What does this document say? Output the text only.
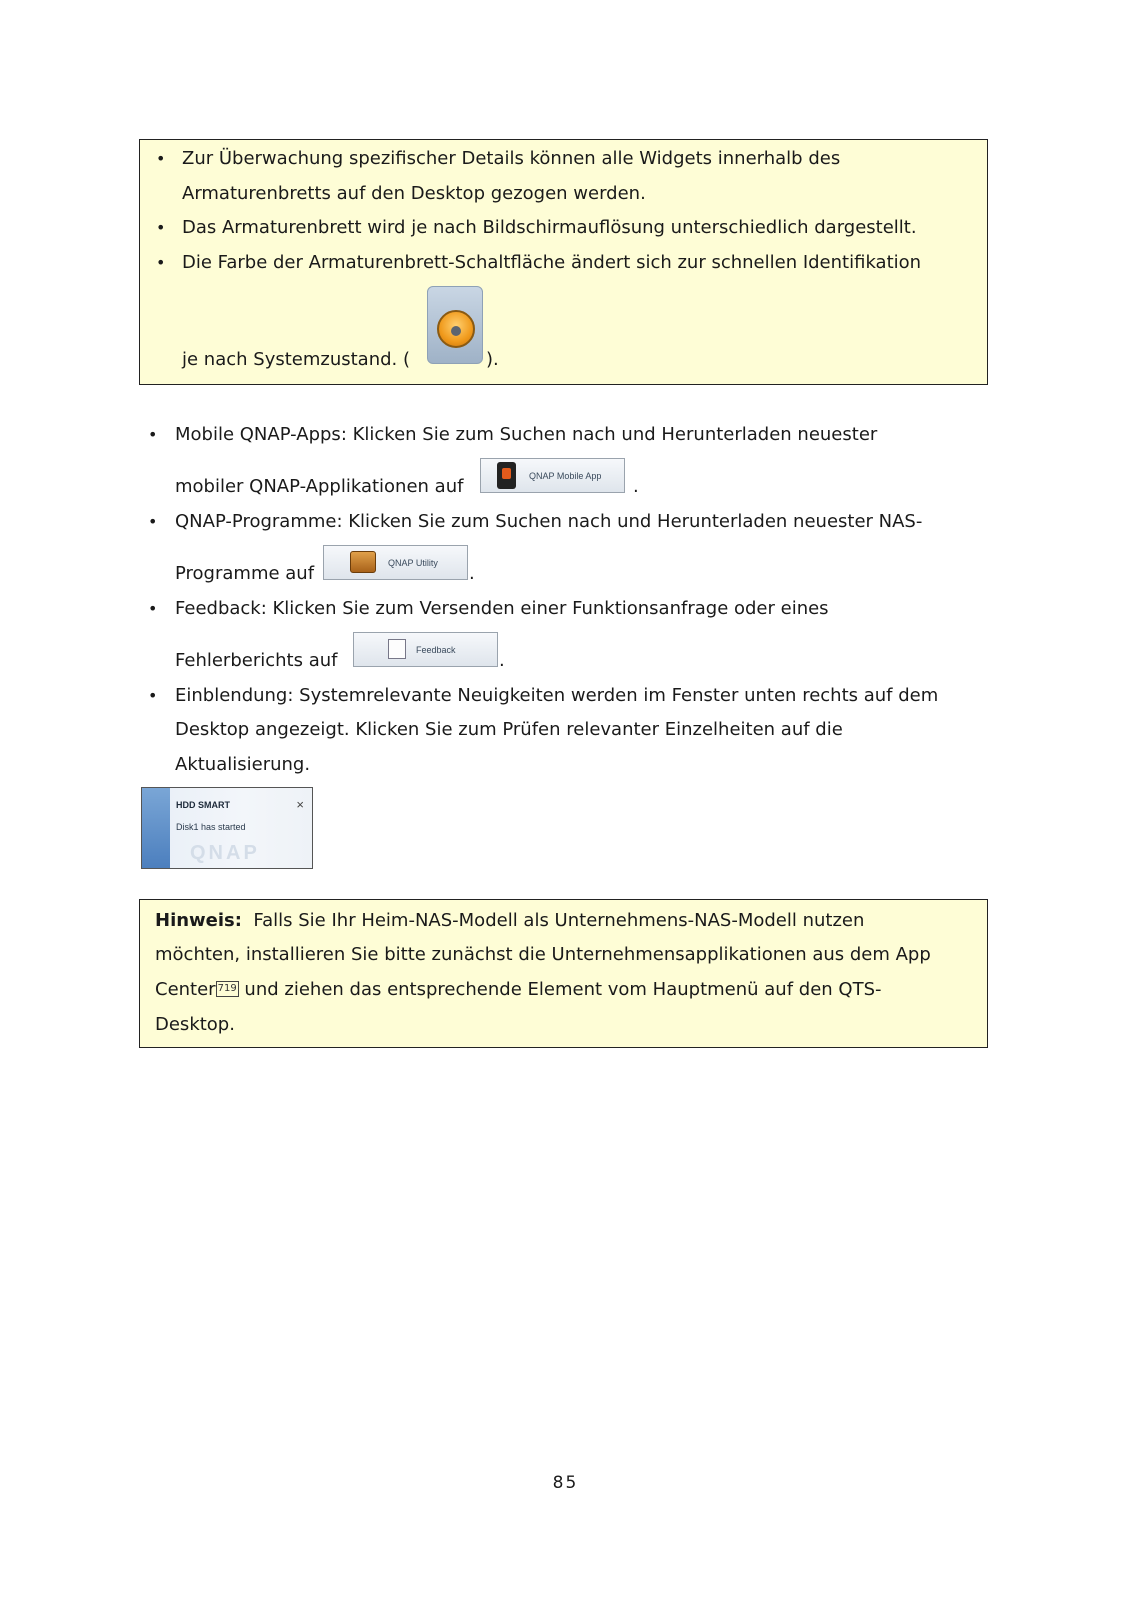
• Zur Überwachung spezifischer Details können alle Widgets innerhalb des
Armaturenbretts auf den Desktop gezogen werden.
• Das Armaturenbrett wird je nach Bildschirmauflösung unterschiedlich dargestellt.
• Die Farbe der Armaturenbrett-Schaltfläche ändert sich zur schnellen Identifikation
je nach Systemzustand. (	).
• Mobile QNAP-Apps: Klicken Sie zum Suchen nach und Herunterladen neuester
mobiler QNAP-Applikationen auf
QNAP Mobile App
.
• QNAP-Programme: Klicken Sie zum Suchen nach und Herunterladen neuester NAS-
Programme auf
QNAP Utility
.
• Feedback: Klicken Sie zum Versenden einer Funktionsanfrage oder eines
Fehlerberichts auf
Feedback
.
• Einblendung: Systemrelevante Neuigkeiten werden im Fenster unten rechts auf dem
Desktop angezeigt. Klicken Sie zum Prüfen relevanter Einzelheiten auf die
Aktualisierung.
HDD SMART
Disk1 has started
×
QNAP
Hinweis: Falls Sie Ihr Heim-NAS-Modell als Unternehmens-NAS-Modell nutzen
möchten, installieren Sie bitte zunächst die Unternehmensapplikationen aus dem App
Center 719 und ziehen das entsprechende Element vom Hauptmenü auf den QTS-
Desktop.
85
